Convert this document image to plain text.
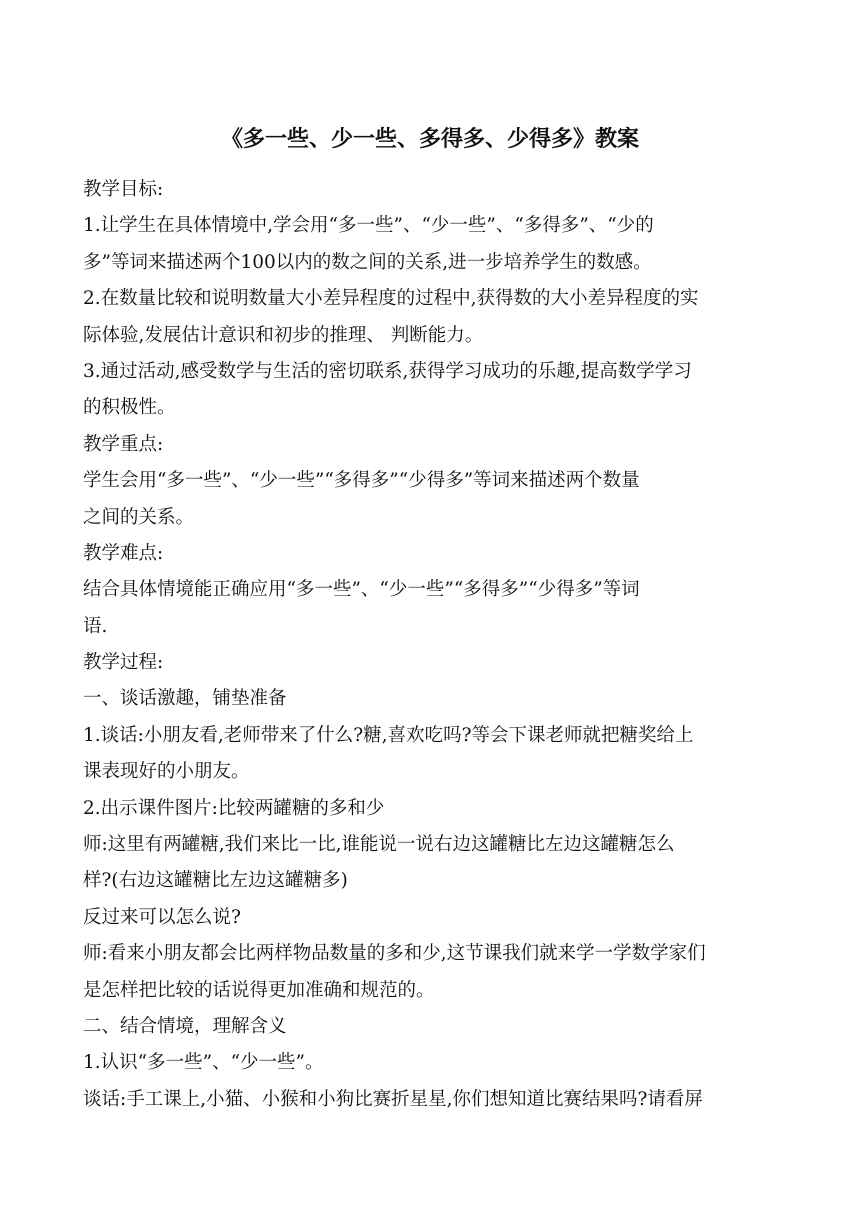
《多一些、少一些、多得多、少得多》教案
教学目标:
1.让学生在具体情境中,学会用“多一些”、“少一些”、“多得多”、“少的
多”等词来描述两个100以内的数之间的关系,进一步培养学生的数感。
2.在数量比较和说明数量大小差异程度的过程中,获得数的大小差异程度的实
际体验,发展估计意识和初步的推理、 判断能力。
3.通过活动,感受数学与生活的密切联系,获得学习成功的乐趣,提高数学学习
的积极性。
教学重点:
学生会用“多一些”、“少一些”“多得多”“少得多”等词来描述两个数量
之间的关系。
教学难点:
结合具体情境能正确应用“多一些”、“少一些”“多得多”“少得多”等词
语.
教学过程:
一、谈话激趣，铺垫准备
1.谈话:小朋友看,老师带来了什么?糖,喜欢吃吗?等会下课老师就把糖奖给上
课表现好的小朋友。
2.出示课件图片:比较两罐糖的多和少
师:这里有两罐糖,我们来比一比,谁能说一说右边这罐糖比左边这罐糖怎么
样?(右边这罐糖比左边这罐糖多)
反过来可以怎么说?
师:看来小朋友都会比两样物品数量的多和少,这节课我们就来学一学数学家们
是怎样把比较的话说得更加准确和规范的。
二、结合情境，理解含义
1.认识“多一些”、“少一些”。
谈话:手工课上,小猫、小猴和小狗比赛折星星,你们想知道比赛结果吗?请看屏
